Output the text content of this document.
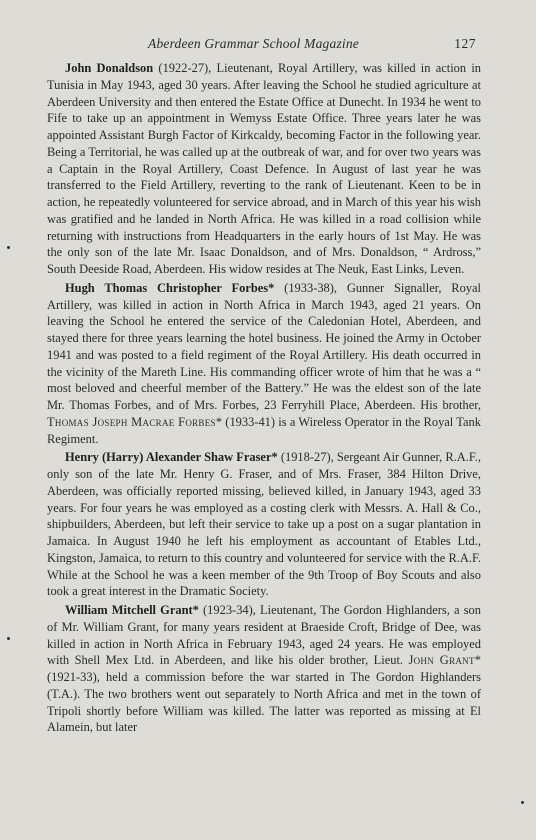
Aberdeen Grammar School Magazine	127

John Donaldson (1922-27), Lieutenant, Royal Artillery, was killed in action in Tunisia in May 1943, aged 30 years. After leaving the School he studied agriculture at Aberdeen University and then entered the Estate Office at Dunecht. In 1934 he went to Fife to take up an appointment in Wemyss Estate Office. Three years later he was appointed Assistant Burgh Factor of Kirkcaldy, becoming Factor in the following year. Being a Territorial, he was called up at the outbreak of war, and for over two years was a Captain in the Royal Artillery, Coast Defence. In August of last year he was transferred to the Field Artillery, reverting to the rank of Lieutenant. Keen to be in action, he repeatedly volunteered for service abroad, and in March of this year his wish was gratified and he landed in North Africa. He was killed in a road collision while returning with instructions from Headquarters in the early hours of 1st May. He was the only son of the late Mr. Isaac Donaldson, and of Mrs. Donaldson, “ Ardross,” South Deeside Road, Aberdeen. His widow resides at The Neuk, East Links, Leven.

Hugh Thomas Christopher Forbes* (1933-38), Gunner Signaller, Royal Artillery, was killed in action in North Africa in March 1943, aged 21 years. On leaving the School he entered the service of the Caledonian Hotel, Aberdeen, and stayed there for three years learning the hotel business. He joined the Army in October 1941 and was posted to a field regiment of the Royal Artillery. His death occurred in the vicinity of the Mareth Line. His commanding officer wrote of him that he was a “ most beloved and cheerful member of the Battery.” He was the eldest son of the late Mr. Thomas Forbes, and of Mrs. Forbes, 23 Ferryhill Place, Aberdeen. His brother, Thomas Joseph Macrae Forbes* (1933-41) is a Wireless Operator in the Royal Tank Regiment.

Henry (Harry) Alexander Shaw Fraser* (1918-27), Sergeant Air Gunner, R.A.F., only son of the late Mr. Henry G. Fraser, and of Mrs. Fraser, 384 Hilton Drive, Aberdeen, was officially reported missing, believed killed, in January 1943, aged 33 years. For four years he was employed as a costing clerk with Messrs. A. Hall & Co., shipbuilders, Aberdeen, but left their service to take up a post on a sugar plantation in Jamaica. In August 1940 he left his employment as accountant of Etables Ltd., Kingston, Jamaica, to return to this country and volunteered for service with the R.A.F. While at the School he was a keen member of the 9th Troop of Boy Scouts and also took a great interest in the Dramatic Society.

William Mitchell Grant* (1923-34), Lieutenant, The Gordon Highlanders, a son of Mr. William Grant, for many years resident at Braeside Croft, Bridge of Dee, was killed in action in North Africa in February 1943, aged 24 years. He was employed with Shell Mex Ltd. in Aberdeen, and like his older brother, Lieut. John Grant* (1921-33), held a commission before the war started in The Gordon Highlanders (T.A.). The two brothers went out separately to North Africa and met in the town of Tripoli shortly before William was killed. The latter was reported as missing at El Alamein, but later
